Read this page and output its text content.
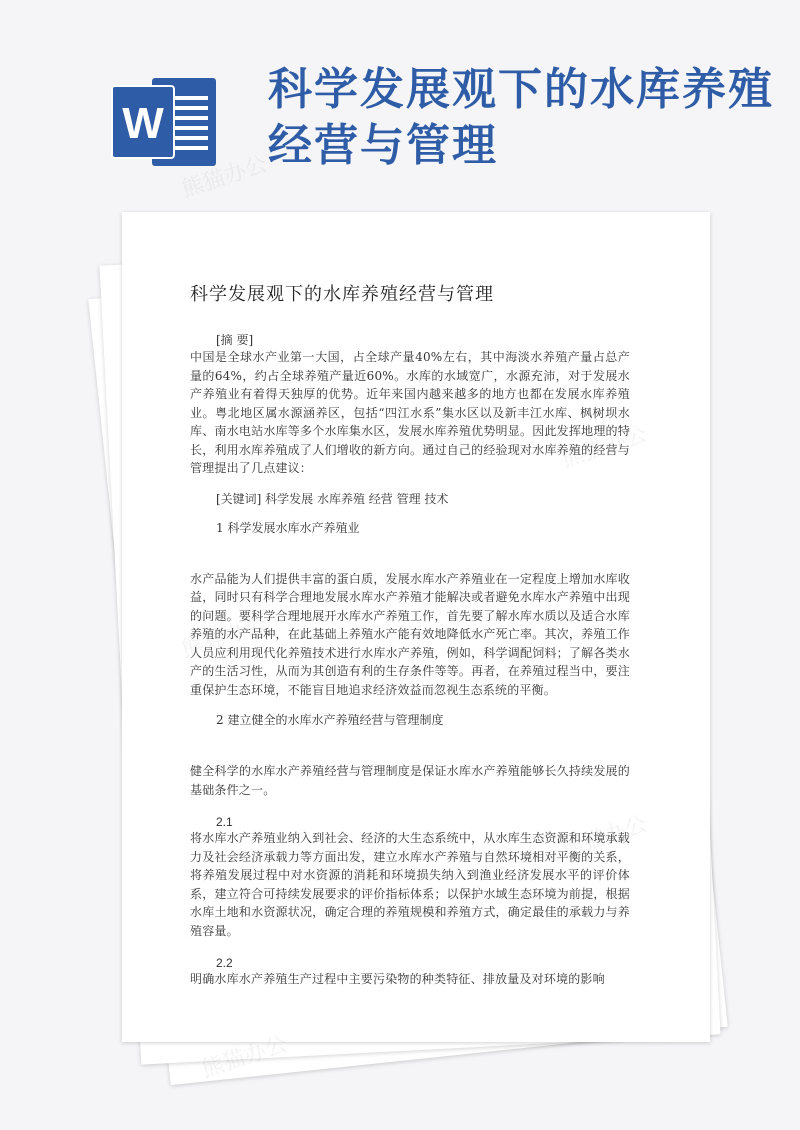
W
科学发展观下的水库养殖经营与管理
熊猫办公
科学发展观下的水库养殖经营与管理

[摘 要]

中国是全球水产业第一大国，占全球产量40%左右，其中海淡水养殖产量占总产量的64%，约占全球养殖产量近60%。水库的水域宽广，水源充沛，对于发展水产养殖业有着得天独厚的优势。近年来国内越来越多的地方也都在发展水库养殖业。粤北地区属水源涵养区，包括“四江水系”集水区以及新丰江水库、枫树坝水库、南水电站水库等多个水库集水区，发展水库养殖优势明显。因此发挥地理的特长，利用水库养殖成了人们增收的新方向。通过自己的经验现对水库养殖的经营与管理提出了几点建议：

[关键词] 科学发展 水库养殖 经营 管理 技术

1 科学发展水库水产养殖业

水产品能为人们提供丰富的蛋白质，发展水库水产养殖业在一定程度上增加水库收益，同时只有科学合理地发展水库水产养殖才能解决或者避免水库水产养殖中出现的问题。要科学合理地展开水库水产养殖工作，首先要了解水库水质以及适合水库养殖的水产品种，在此基础上养殖水产能有效地降低水产死亡率。其次，养殖工作人员应利用现代化养殖技术进行水库水产养殖，例如，科学调配饲料；了解各类水产的生活习性，从而为其创造有利的生存条件等等。再者，在养殖过程当中，要注重保护生态环境，不能盲目地追求经济效益而忽视生态系统的平衡。

2 建立健全的水库水产养殖经营与管理制度

健全科学的水库水产养殖经营与管理制度是保证水库水产养殖能够长久持续发展的基础条件之一。

2.1

将水库水产养殖业纳入到社会、经济的大生态系统中，从水库生态资源和环境承载力及社会经济承载力等方面出发，建立水库水产养殖与自然环境相对平衡的关系，将养殖发展过程中对水资源的消耗和环境损失纳入到渔业经济发展水平的评价体系，建立符合可持续发展要求的评价指标体系；以保护水域生态环境为前提，根据水库土地和水资源状况，确定合理的养殖规模和养殖方式，确定最佳的承载力与养殖容量。

2.2

明确水库水产养殖生产过程中主要污染物的种类特征、排放量及对环境的影响
